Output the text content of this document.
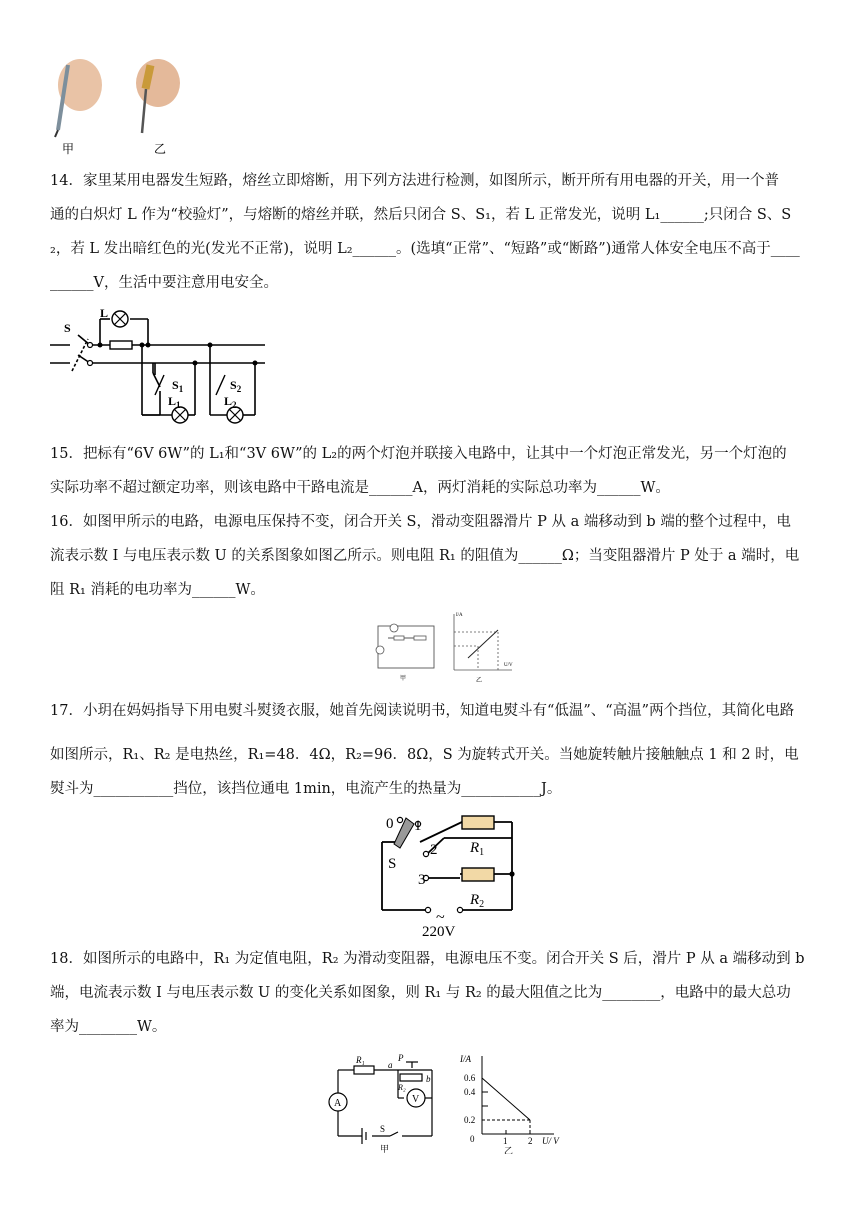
甲	乙
14．家里某用电器发生短路，熔丝立即熔断，用下列方法进行检测，如图所示，断开所有用电器的开关，用一个普
通的白炽灯 L 作为“校验灯”，与熔断的熔丝并联，然后只闭合 S、S₁，若 L 正常发光，说明 L₁______;只闭合 S、S
₂，若 L 发出暗红色的光(发光不正常)，说明 L₂______。(选填“正常”、“短路”或“断路”)通常人体安全电压不高于____
______V，生活中要注意用电安全。
S
L
$S_1$
$L_1$
$S_2$
$L_2$
15．把标有“6V 6W”的 L₁和“3V 6W”的 L₂的两个灯泡并联接入电路中，让其中一个灯泡正常发光，另一个灯泡的
实际功率不超过额定功率，则该电路中干路电流是______A，两灯消耗的实际总功率为______W。
16．如图甲所示的电路，电源电压保持不变，闭合开关 S，滑动变阻器滑片 P 从 a 端移动到 b 端的整个过程中，电
流表示数 I 与电压表示数 U 的关系图象如图乙所示。则电阻 R₁ 的阻值为______Ω；当变阻器滑片 P 处于 a 端时，电
阻 R₁ 消耗的电功率为______W。
甲
I/A
U/V
乙
17．小玥在妈妈指导下用电熨斗熨烫衣服，她首先阅读说明书，知道电熨斗有“低温”、“高温”两个挡位，其简化电路
如图所示，R₁、R₂ 是电热丝，R₁=48．4Ω，R₂=96．8Ω，S 为旋转式开关。当她旋转触片接触触点 1 和 2 时，电
熨斗为___________挡位，该挡位通电 1min，电流产生的热量为___________J。
0 1
2
3
S
$R_1$
$R_2$
~
220V
18．如图所示的电路中，R₁ 为定值电阻，R₂ 为滑动变阻器，电源电压不变。闭合开关 S 后，滑片 P 从 a 端移动到 b
端，电流表示数 I 与电压表示数 U 的变化关系如图象，则 R₁ 与 R₂ 的最大阻值之比为________，电路中的最大总功
率为________W。
R₁	P
a
b
R₂
A	V
S
甲
I/A
0.6
0.4
0.2
0	1 2 U/ V
乙
